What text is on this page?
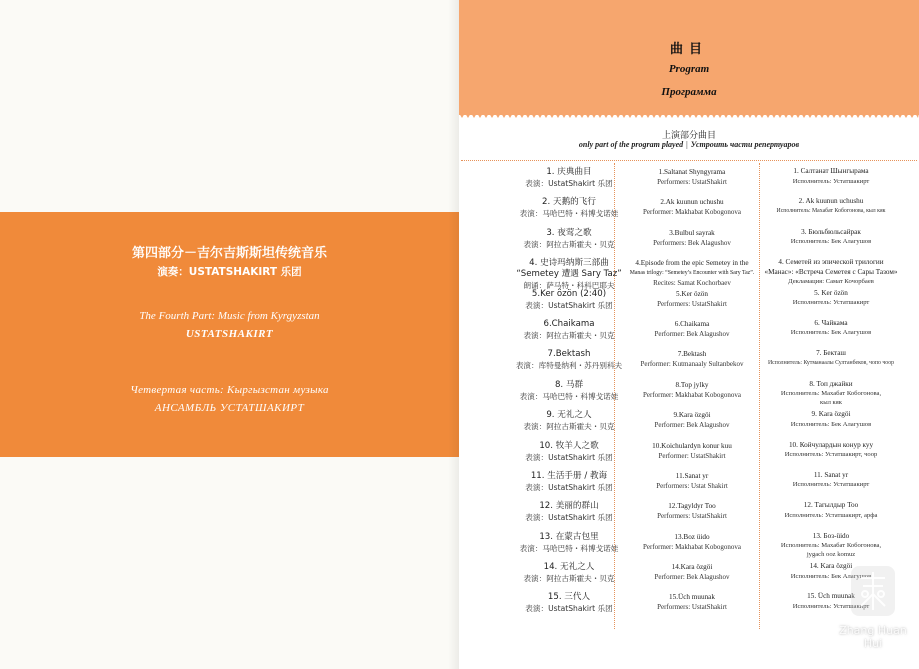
第四部分－吉尔吉斯斯坦传统音乐
演奏：USTATSHAKIRT 乐团
The Fourth Part: Music from Kyrgyzstan
USTATSHAKIRT
Четвертая часть: Кыргызстан музыка
АНСАМБЛЬ УСТАТШАКИРТ
曲目
Program
Программа
上演部分曲目
only part of the program played | Устроить части репертуаров
1. 庆典曲目
表演：UstatShakirt 乐团
2. 天鹅的飞行
表演：马哈巴特・科博戈诺娃
3. 夜莺之歌
表演：阿拉古斯霍夫・贝克
4. 史诗玛纳斯三部曲
“Semetey 遭遇 Sary Taz”
朗诵：萨马特・科科巴耶夫
5.Ker özön (2:40)
表演：UstatShakirt 乐团
6.Chaikama
表演：阿拉古斯霍夫・贝克
7.Bektash
表演：库特曼纳利・苏丹别科夫
8. 马群
表演：马哈巴特・科博戈诺娃
9. 无礼之人
表演：阿拉古斯霍夫・贝克
10. 牧羊人之歌
表演：UstatShakirt 乐团
11. 生活手册 / 教诲
表演：UstatShakirt 乐团
12. 美丽的群山
表演：UstatShakirt 乐团
13. 在蒙古包里
表演：马哈巴特・科博戈诺娃
14. 无礼之人
表演：阿拉古斯霍夫・贝克
15. 三代人
表演：UstatShakirt 乐团
1.Saltanat Shyngyrama
Performers: UstatShakirt
2.Ak kuunun uchushu
Performer: Makhabat Kobogonova
3.Bulbul sayrak
Performers: Bek Alagushov
4.Episode from the epic Semetey in the
Manas trilogy: “Semetey’s Encounter with Sary Taz”.
Recites: Samat Kochorbaev
5.Ker özön
Performers: UstatShakirt
6.Chaikama
Performer: Bek Alagushov
7.Bektash
Performer: Kutmanaaly Sultanbekov
8.Top jylky
Performer: Makhabat Kobogonova
9.Kara özgöi
Performer: Bek Alagushov
10.Koichulardyn konur kuu
Performer: UstatShakirt
11.Sanat yr
Performers: Ustat Shakirt
12.Tagyldyr Too
Performers: UstatShakirt
13.Boz üido
Performer: Makhabat Kobogonova
14.Kara özgöi
Performer: Bek Alagushov
15.Üch muunak
Performers: UstatShakirt
1. Салтанат Шынгырама
Исполнитель: Устатшакирт
2. Ak kuunun uchushu
Исполнитель: Махабат Кобогонова, кыл кяк
3. Бюльбюльсайрак
Исполнитель: Бек Алагушов
4. Семетей из эпической трилогии
«Манас»: «Встреча Семетея с Сары Тазом»
Декламация: Самат Кочорбаев
5. Ker özön
Исполнитель: Устатшакирт
6. Чайкама
Исполнитель: Бек Алагушов
7. Бекташ
Исполнитель: Кутманаалы Султанбеков, чопо чоор
8. Топ джайки
Исполнитель: Махабат Кобогонова,
кыл кяк
9. Kara özgöi
Исполнитель: Бек Алагушов
10. Койчулардын конур куу
Исполнитель: Устатшакирт, чоор
11. Sanat yr
Исполнитель: Устатшакирт
12. Тагылдыр Тоо
Исполнитель: Устатшакирт, арфа
13. Боз-üido
Исполнитель: Махабат Кобогонова,
jygach ooz komuz
14. Kara özgöi
Исполнитель: Бек Алагушов
15. Üch muunak
Исполнитель: Устатшакирт
Zhang Huan Hui
